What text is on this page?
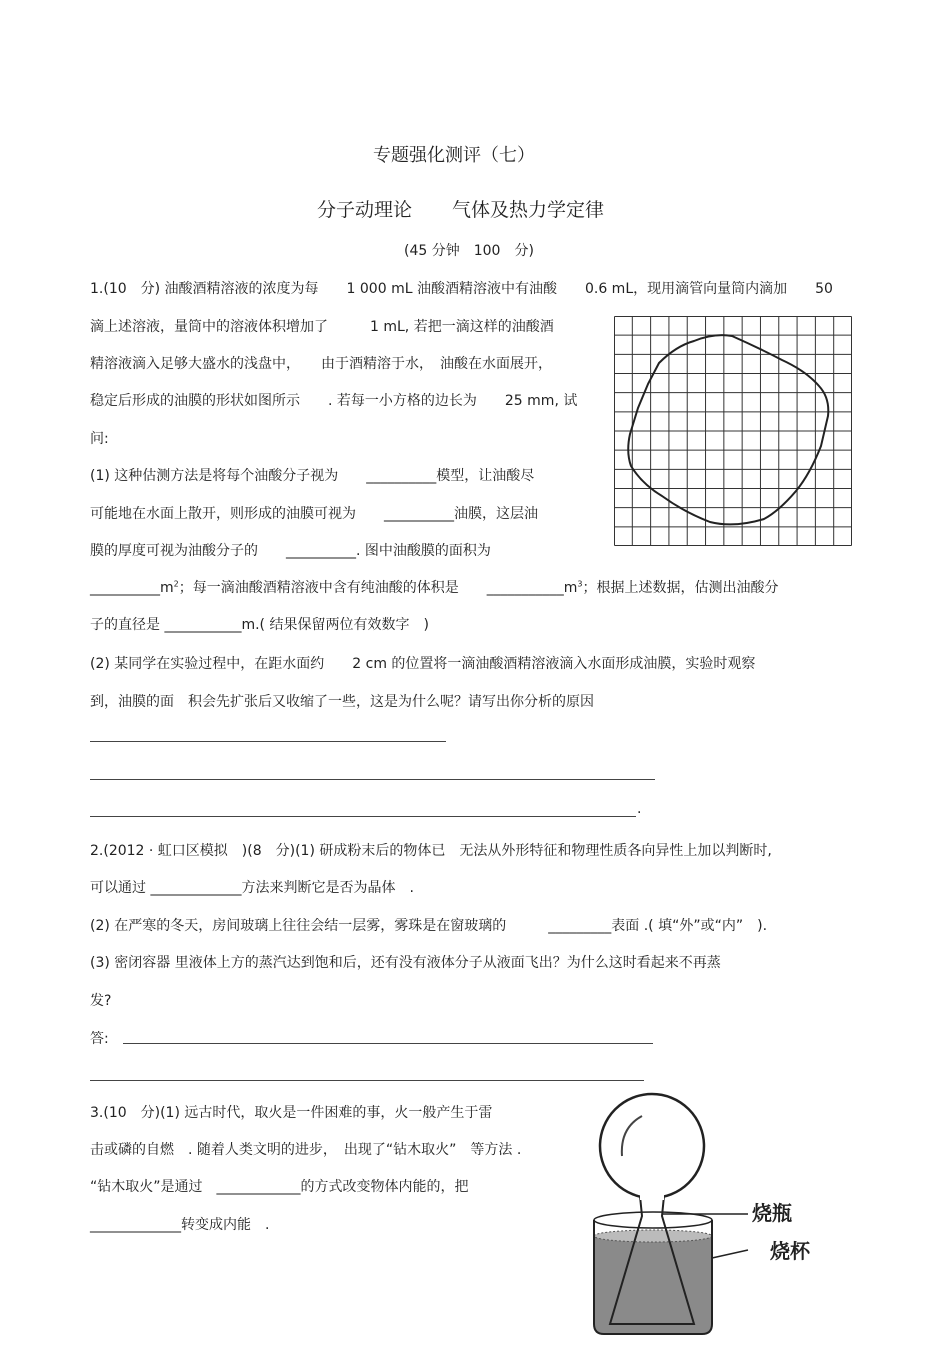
专题强化测评（七）
分子动理论 气体及热力学定律
(45 分钟　100　分)
1.(10　分) 油酸酒精溶液的浓度为每　　1 000 mL 油酸酒精溶液中有油酸　　0.6 mL，现用滴管向量筒内滴加　　50
滴上述溶液，量筒中的溶液体积增加了　　　1 mL, 若把一滴这样的油酸酒
精溶液滴入足够大盛水的浅盘中，　　由于酒精溶于水，　油酸在水面展开，
稳定后形成的油膜的形状如图所示　　. 若每一小方格的边长为　　25 mm, 试
问:
(1) 这种估测方法是将每个油酸分子视为　　__________模型，让油酸尽
可能地在水面上散开，则形成的油膜可视为　　__________油膜，这层油
膜的厚度可视为油酸分子的　　__________. 图中油酸膜的面积为
$\_\_\_\_\_\_\_\_\_\_m^2$；每一滴油酸酒精溶液中含有纯油酸的体积是　　$\_\_\_\_\_\_\_\_\_\_\_m^3$；根据上述数据，估测出油酸分
子的直径是 ___________m.( 结果保留两位有效数字　)
(2) 某同学在实验过程中，在距水面约　　2 cm 的位置将一滴油酸酒精溶液滴入水面形成油膜，实验时观察
到，油膜的面　积会先扩张后又收缩了一些，这是为什么呢？请写出你分析的原因
.
2.(2012 · 虹口区模拟　)(8　分)(1) 研成粉末后的物体已　无法从外形特征和物理性质各向异性上加以判断时,
可以通过 _____________方法来判断它是否为晶体　.
(2) 在严寒的冬天，房间玻璃上往往会结一层雾，雾珠是在窗玻璃的　　　_________表面 .( 填“外”或“内”　).
(3) 密闭容器 里液体上方的蒸汽达到饱和后，还有没有液体分子从液面飞出？为什么这时看起来不再蒸
发?
答:
3.(10　分)(1) 远古时代，取火是一件困难的事，火一般产生于雷
击或磷的自燃　. 随着人类文明的进步，　出现了“钻木取火”　等方法 .
“钻木取火”是通过　____________的方式改变物体内能的，把
_____________转变成内能　.	烧瓶
烧杯
